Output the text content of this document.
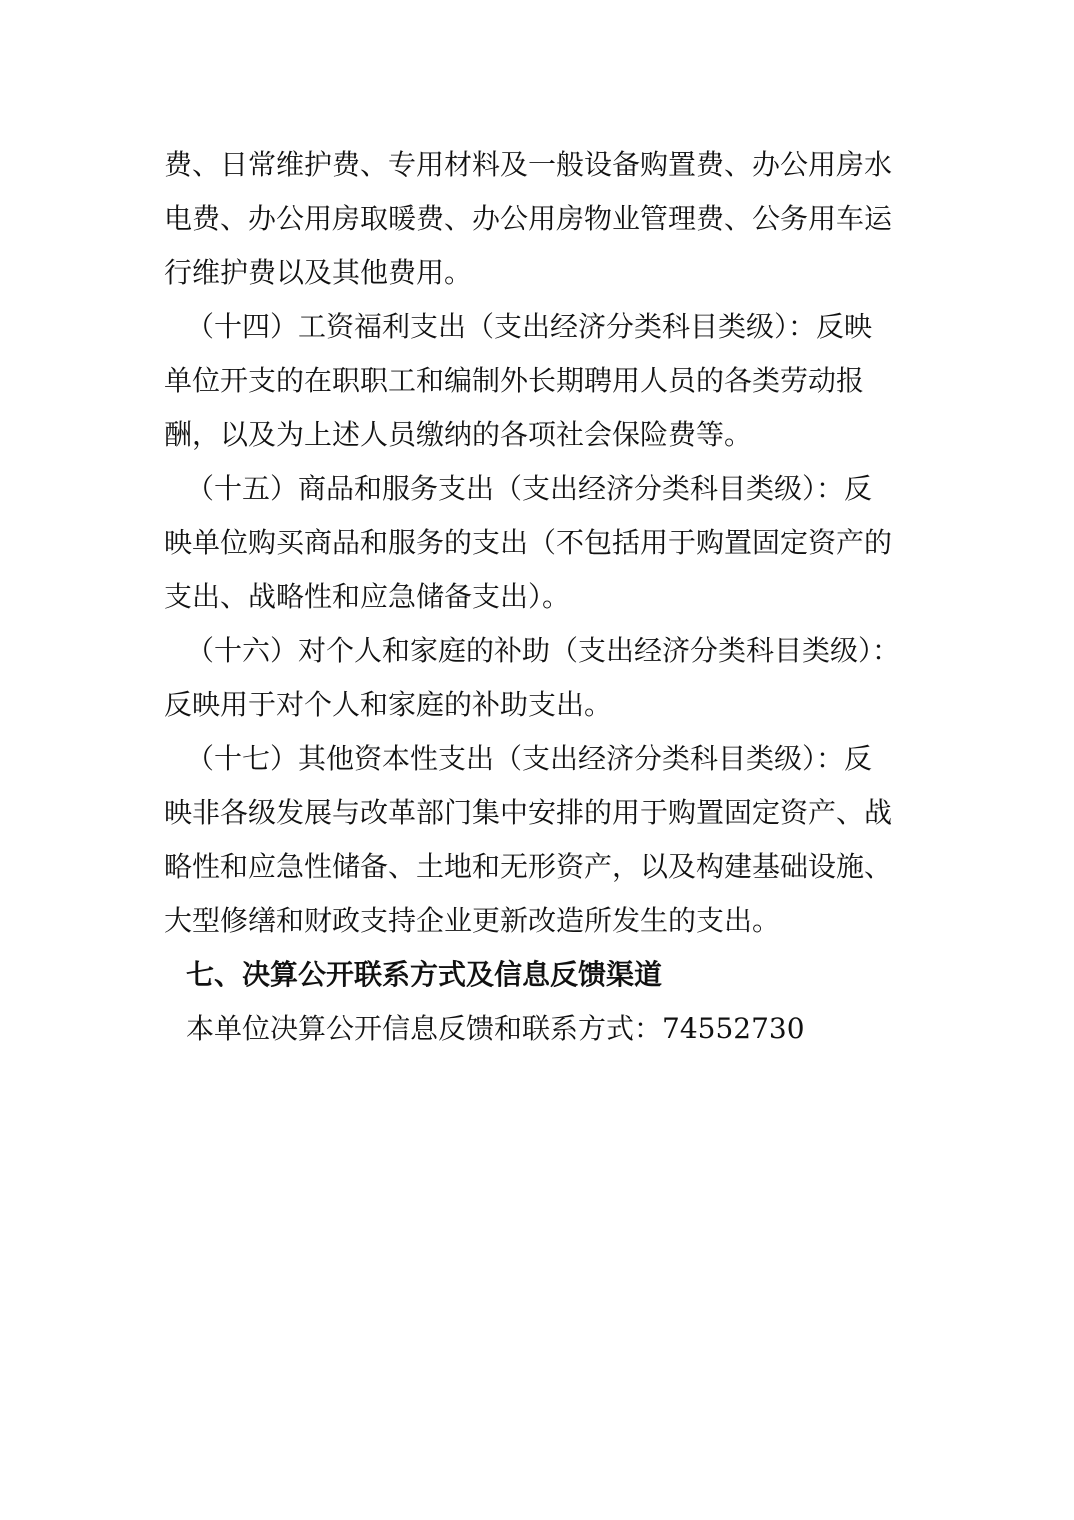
费、日常维护费、专用材料及一般设备购置费、办公用房水
电费、办公用房取暖费、办公用房物业管理费、公务用车运
行维护费以及其他费用。
（十四）工资福利支出（支出经济分类科目类级）：反映
单位开支的在职职工和编制外长期聘用人员的各类劳动报
酬，以及为上述人员缴纳的各项社会保险费等。
（十五）商品和服务支出（支出经济分类科目类级）：反
映单位购买商品和服务的支出（不包括用于购置固定资产的
支出、战略性和应急储备支出）。
（十六）对个人和家庭的补助（支出经济分类科目类级）：
反映用于对个人和家庭的补助支出。
（十七）其他资本性支出（支出经济分类科目类级）：反
映非各级发展与改革部门集中安排的用于购置固定资产、战
略性和应急性储备、土地和无形资产，以及构建基础设施、
大型修缮和财政支持企业更新改造所发生的支出。
七、决算公开联系方式及信息反馈渠道
本单位决算公开信息反馈和联系方式：74552730
